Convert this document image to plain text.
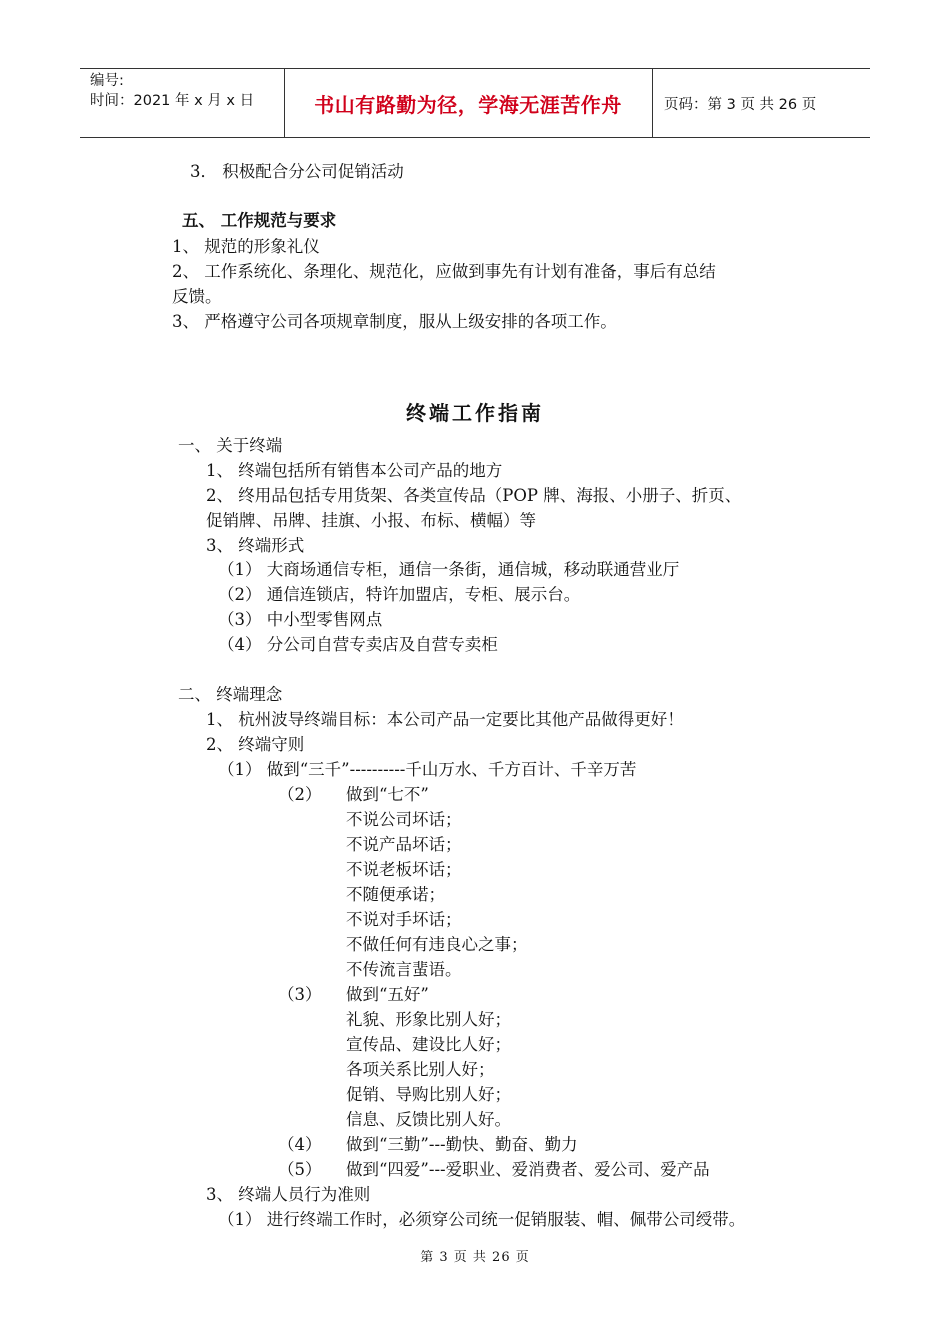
编号:
时间：2021 年 x 月 x 日	书山有路勤为径，学海无涯苦作舟	页码：第 3 页 共 26 页
3． 积极配合分公司促销活动
五、 工作规范与要求
1、 规范的形象礼仪
2、 工作系统化、条理化、规范化，应做到事先有计划有准备，事后有总结
反馈。
3、 严格遵守公司各项规章制度，服从上级安排的各项工作。
终端工作指南
一、 关于终端
1、 终端包括所有销售本公司产品的地方
2、 终用品包括专用货架、各类宣传品（POP 牌、海报、小册子、折页、
促销牌、吊牌、挂旗、小报、布标、横幅）等
3、 终端形式
（1） 大商场通信专柜，通信一条街，通信城，移动联通营业厅
（2） 通信连锁店，特许加盟店，专柜、展示台。
（3） 中小型零售网点
（4） 分公司自营专卖店及自营专卖柜
二、 终端理念
1、 杭州波导终端目标：本公司产品一定要比其他产品做得更好！
2、 终端守则
（1） 做到“三千”----------千山万水、千方百计、千辛万苦
（2） 做到“七不”
不说公司坏话；
不说产品坏话；
不说老板坏话；
不随便承诺；
不说对手坏话；
不做任何有违良心之事；
不传流言蜚语。
（3） 做到“五好”
礼貌、形象比别人好；
宣传品、建设比人好；
各项关系比别人好；
促销、导购比别人好；
信息、反馈比别人好。
（4） 做到“三勤”---勤快、勤奋、勤力
（5） 做到“四爱”---爱职业、爱消费者、爱公司、爱产品
3、 终端人员行为准则
（1） 进行终端工作时，必须穿公司统一促销服装、帽、佩带公司绶带。
第 3 页 共 26 页
